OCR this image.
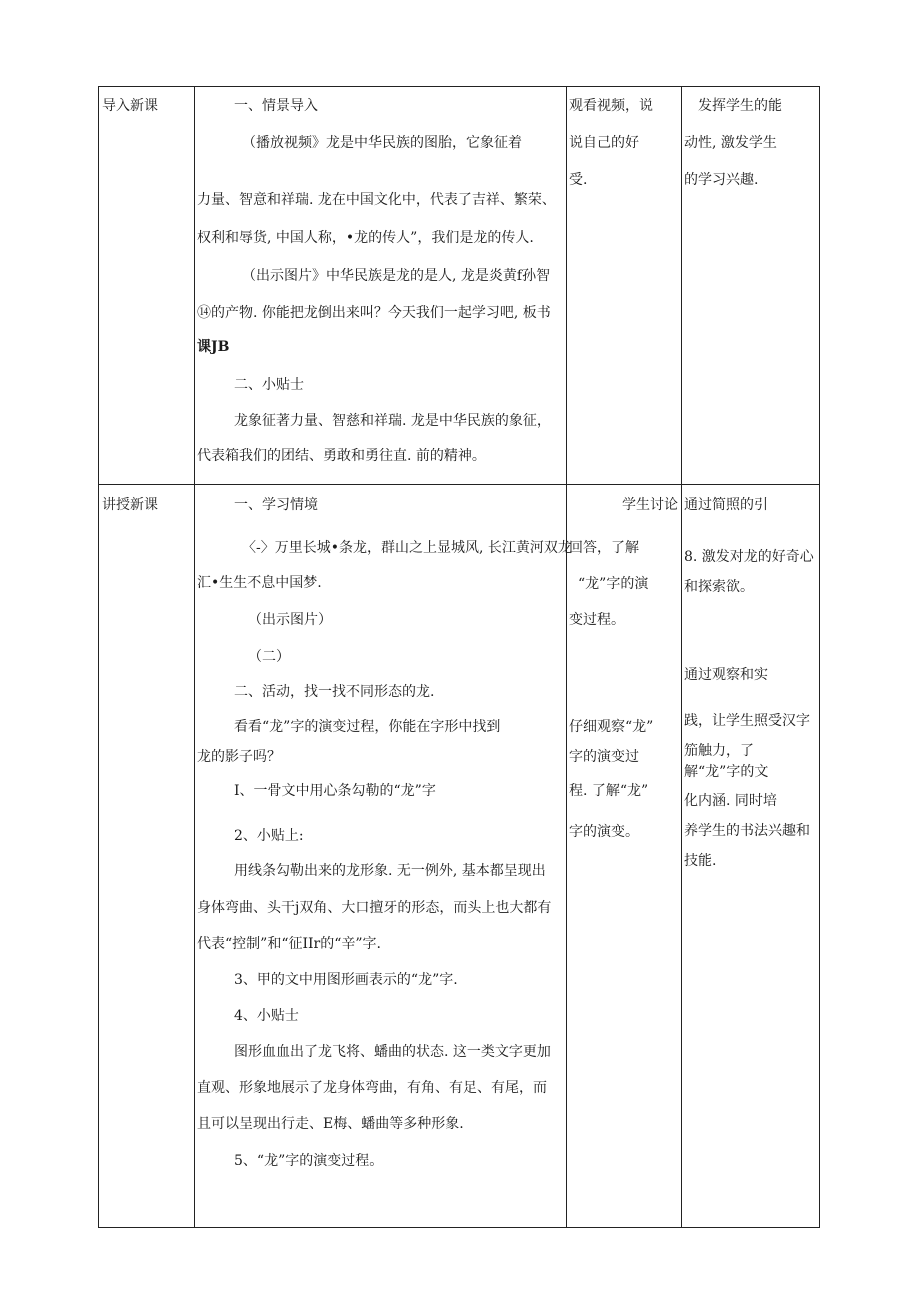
导入新课	一、情景导入
（播放视频》龙是中华民族的图胎，它象征着
力量、智意和祥瑞. 龙在中国文化中，代表了吉祥、繁荣、
权利和辱货, 中国人称，•龙的传人”，我们是龙的传人.
（出示图片》中华民族是龙的是人, 龙是炎黄f孙智
⑭的产物. 你能把龙倒出来叫？今天我们一起学习吧, 板书
课JB
二、小贴士
龙象征著力量、智慈和祥瑞. 龙是中华民族的象征，
代表箱我们的团结、勇敢和勇往直. 前的精神。
观看视频，说
说自己的好
受.
发挥学生的能
动性, 激发学生
的学习兴趣.
讲授新课	一、学习情境
〈-〉万里长城•条龙，群山之上显城风, 长江黄河双龙
汇•生生不息中国梦.
（出示图片）
（二）
二、活动，找一找不同形态的龙.
看看“龙”字的演变过程，你能在字形中找到
龙的影子吗？
I、一骨文中用心条勾勒的“龙”字
2、小贴上:
用线条勾勒出来的龙形象. 无一例外, 基本都呈现出
身体弯曲、头干j双角、大口擅牙的形态，而头上也大都有
代表“控制”和“征IIr的“辛”字.
3、甲的文中用图形画表示的“龙”字.
4、小贴士
图形血血出了龙飞将、蟠曲的状态. 这一类文字更加
直观、形象地展示了龙身体弯曲，有角、有足、有尾，而
且可以呈现出行走、E梅、蟠曲等多种形象.
5、“龙”字的演变过程。
学生讨论
回答，了解
“龙”字的演
变过程。
仔细观察“龙”
字的演变过
程. 了解“龙”
字的演变。
通过简照的引
8. 激发对龙的好奇心
和探索欲。
通过观察和实
践，让学生照受汉字
笳触力，了
解“龙”字的文
化内涵. 同时培
养学生的书法兴趣和
技能.
